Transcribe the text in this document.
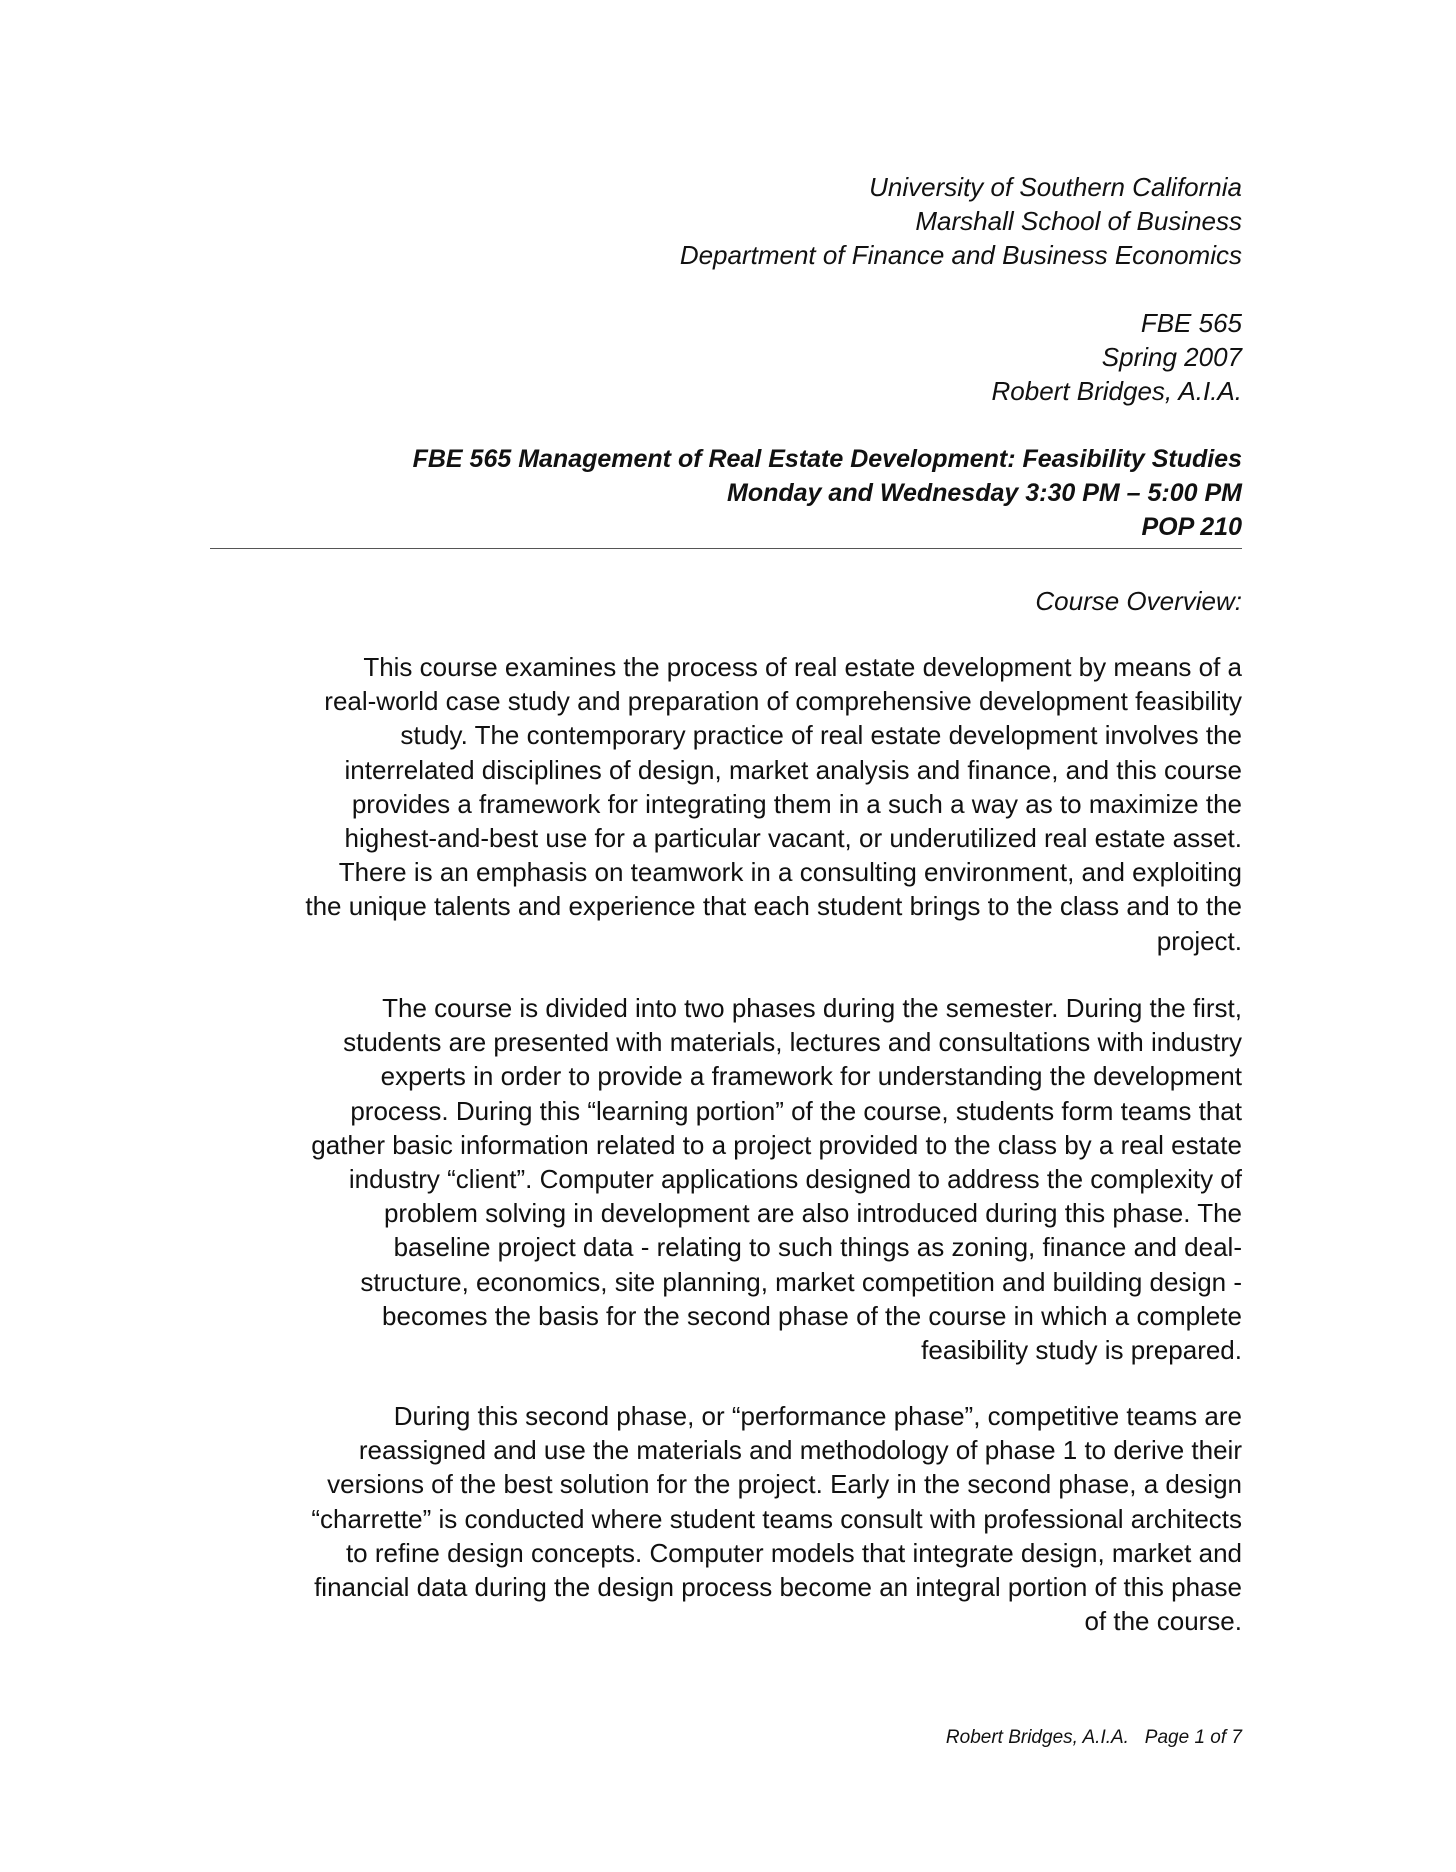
University of Southern California
Marshall School of Business
Department of Finance and Business Economics
FBE 565
Spring 2007
Robert Bridges, A.I.A.
FBE 565 Management of Real Estate Development: Feasibility Studies
Monday and Wednesday 3:30 PM – 5:00 PM
POP 210
Course Overview:
This course examines the process of real estate development by means of a
real-world case study and preparation of comprehensive development feasibility
study. The contemporary practice of real estate development involves the
interrelated disciplines of design, market analysis and finance, and this course
provides a framework for integrating them in a such a way as to maximize the
highest-and-best use for a particular vacant, or underutilized real estate asset.
There is an emphasis on teamwork in a consulting environment, and exploiting
the unique talents and experience that each student brings to the class and to the
project.
The course is divided into two phases during the semester. During the first,
students are presented with materials, lectures and consultations with industry
experts in order to provide a framework for understanding the development
process. During this “learning portion” of the course, students form teams that
gather basic information related to a project provided to the class by a real estate
industry “client”. Computer applications designed to address the complexity of
problem solving in development are also introduced during this phase. The
baseline project data - relating to such things as zoning, finance and deal-
structure, economics, site planning, market competition and building design -
becomes the basis for the second phase of the course in which a complete
feasibility study is prepared.
During this second phase, or “performance phase”, competitive teams are
reassigned and use the materials and methodology of phase 1 to derive their
versions of the best solution for the project. Early in the second phase, a design
“charrette” is conducted where student teams consult with professional architects
to refine design concepts. Computer models that integrate design, market and
financial data during the design process become an integral portion of this phase
of the course.
Robert Bridges, A.I.A. Page 1 of 7
